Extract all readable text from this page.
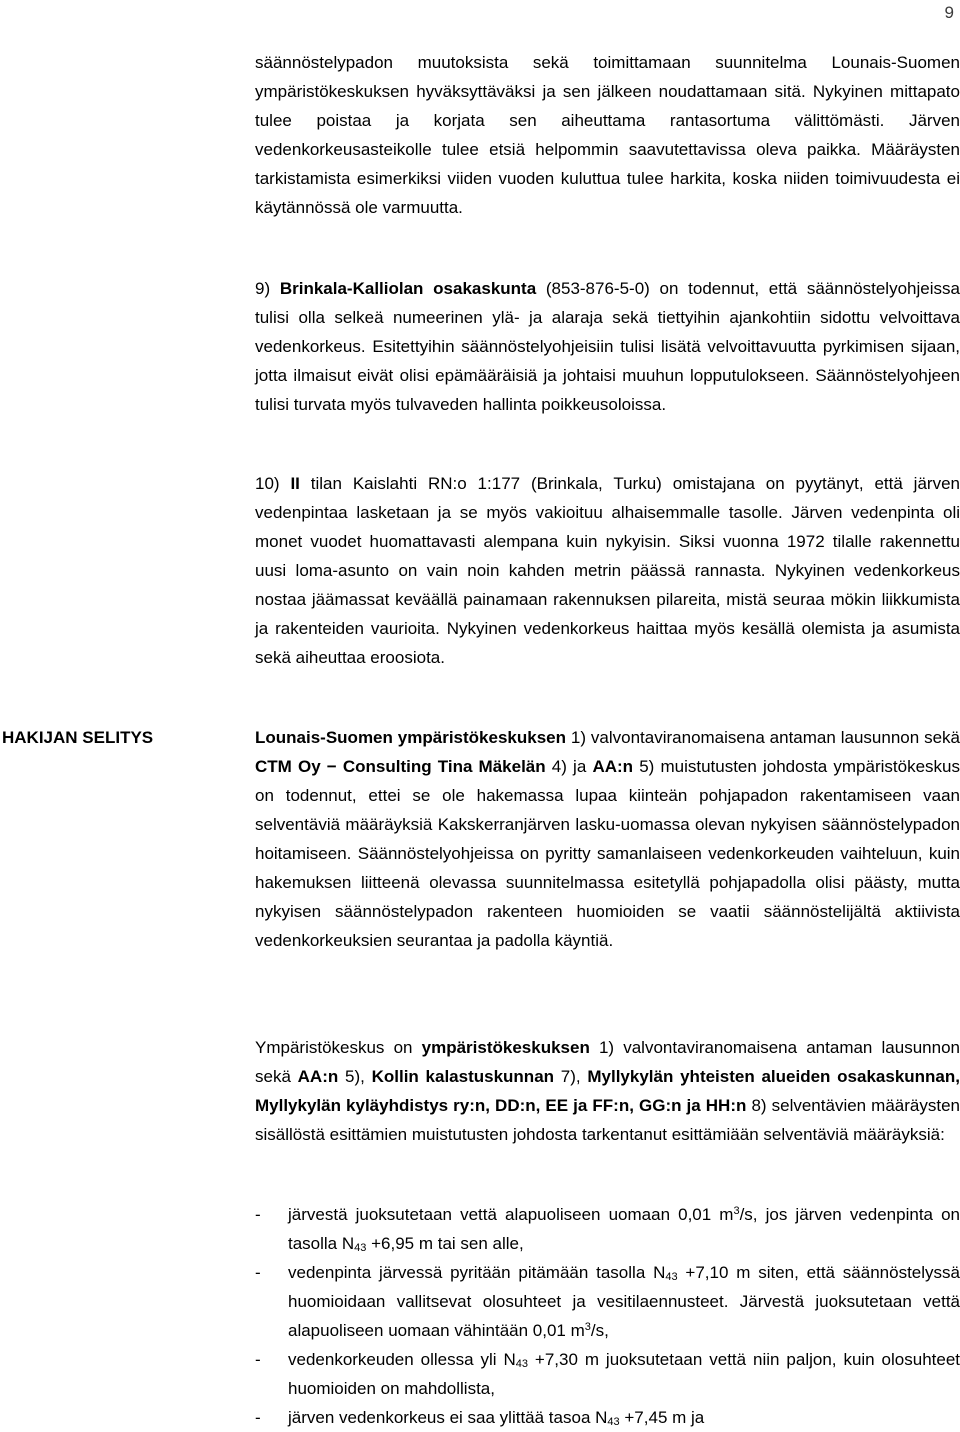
9

säännöstelypadon muutoksista sekä toimittamaan suunnitelma Lounais-Suomen ympäristökeskuksen hyväksyttäväksi ja sen jälkeen noudattamaan sitä. Nykyinen mittapato tulee poistaa ja korjata sen aiheuttama rantasortuma välittömästi. Järven vedenkorkeusasteikolle tulee etsiä helpommin saavutettavissa oleva paikka. Määräysten tarkistamista esimerkiksi viiden vuoden kuluttua tulee harkita, koska niiden toimivuudesta ei käytännössä ole varmuutta.

9) Brinkala-Kalliolan osakaskunta (853-876-5-0) on todennut, että säännöstelyohjeissa tulisi olla selkeä numeerinen ylä- ja alaraja sekä tiettyihin ajankohtiin sidottu velvoittava vedenkorkeus. Esitettyihin säännöstelyohjeisiin tulisi lisätä velvoittavuutta pyrkimisen sijaan, jotta ilmaisut eivät olisi epämääräisiä ja johtaisi muuhun lopputulokseen. Säännöstelyohjeen tulisi turvata myös tulvaveden hallinta poikkeusoloissa.

10) II tilan Kaislahti RN:o 1:177 (Brinkala, Turku) omistajana on pyytänyt, että järven vedenpintaa lasketaan ja se myös vakioituu alhaisemmalle tasolle. Järven vedenpinta oli monet vuodet huomattavasti alempana kuin nykyisin. Siksi vuonna 1972 tilalle rakennettu uusi loma-asunto on vain noin kahden metrin päässä rannasta. Nykyinen vedenkorkeus nostaa jäämassat keväällä painamaan rakennuksen pilareita, mistä seuraa mökin liikkumista ja rakenteiden vaurioita. Nykyinen vedenkorkeus haittaa myös kesällä olemista ja asumista sekä aiheuttaa eroosiota.

HAKIJAN SELITYS	Lounais-Suomen ympäristökeskuksen 1) valvontaviranomaisena antaman lausunnon sekä CTM Oy − Consulting Tina Mäkelän 4) ja AA:n 5) muistutusten johdosta ympäristökeskus on todennut, ettei se ole hakemassa lupaa kiinteän pohjapadon rakentamiseen vaan selventäviä määräyksiä Kakskerranjärven lasku-uomassa olevan nykyisen säännöstelypadon hoitamiseen. Säännöstelyohjeissa on pyritty samanlaiseen vedenkorkeuden vaihteluun, kuin hakemuksen liitteenä olevassa suunnitelmassa esitetyllä pohjapadolla olisi päästy, mutta nykyisen säännöstelypadon rakenteen huomioiden se vaatii säännöstelijältä aktiivista vedenkorkeuksien seurantaa ja padolla käyntiä.

Ympäristökeskus on ympäristökeskuksen 1) valvontaviranomaisena antaman lausunnon sekä AA:n 5), Kollin kalastuskunnan 7), Myllykylän yhteisten alueiden osakaskunnan, Myllykylän kyläyhdistys ry:n, DD:n, EE ja FF:n, GG:n ja HH:n 8) selventävien määräysten sisällöstä esittämien muistutusten johdosta tarkentanut esittämiään selventäviä määräyksiä:

-	järvestä juoksutetaan vettä alapuoliseen uomaan 0,01 $m^3/s$, jos järven vedenpinta on tasolla $N_{43} +6,95$ m tai sen alle,
-	vedenpinta järvessä pyritään pitämään tasolla $N_{43} +7,10$ m siten, että säännöstelyssä huomioidaan vallitsevat olosuhteet ja vesitilaennusteet. Järvestä juoksutetaan vettä alapuoliseen uomaan vähintään 0,01 $m^3/s$,
-	vedenkorkeuden ollessa yli $N_{43} +7,30$ m juoksutetaan vettä niin paljon, kuin olosuhteet huomioiden on mahdollista,
-	järven vedenkorkeus ei saa ylittää tasoa $N_{43} +7,45$ m ja
